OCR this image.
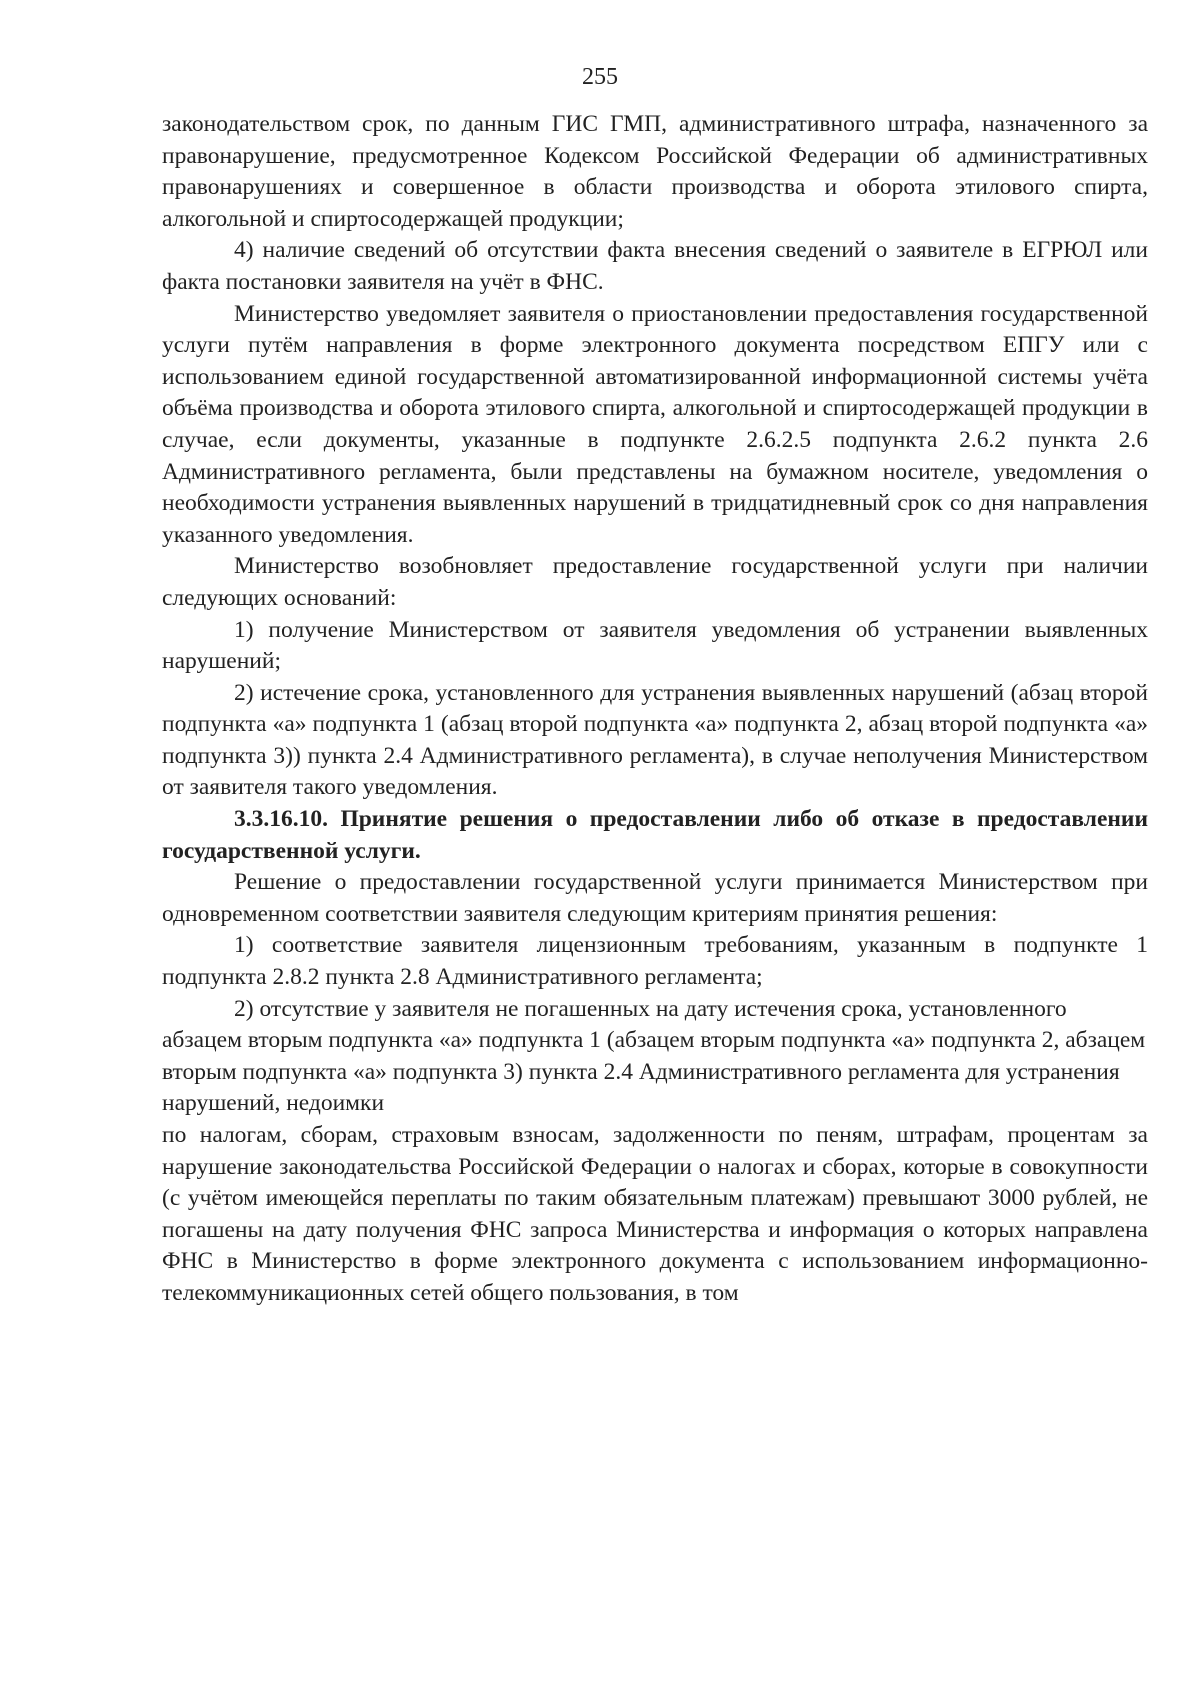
255

законодательством срок, по данным ГИС ГМП, административного штрафа, назначенного за правонарушение, предусмотренное Кодексом Российской Федерации об административных правонарушениях и совершенное в области производства и оборота этилового спирта, алкогольной и спиртосодержащей продукции;

4) наличие сведений об отсутствии факта внесения сведений о заявителе в ЕГРЮЛ или факта постановки заявителя на учёт в ФНС.

Министерство уведомляет заявителя о приостановлении предоставления государственной услуги путём направления в форме электронного документа посредством ЕПГУ или с использованием единой государственной автоматизированной информационной системы учёта объёма производства и оборота этилового спирта, алкогольной и спиртосодержащей продукции в случае, если документы, указанные в подпункте 2.6.2.5 подпункта 2.6.2 пункта 2.6 Административного регламента, были представлены на бумажном носителе, уведомления о необходимости устранения выявленных нарушений в тридцатидневный срок со дня направления указанного уведомления.

Министерство возобновляет предоставление государственной услуги при наличии следующих оснований:

1) получение Министерством от заявителя уведомления об устранении выявленных нарушений;

2) истечение срока, установленного для устранения выявленных нарушений (абзац второй подпункта «а» подпункта 1 (абзац второй подпункта «а» подпункта 2, абзац второй подпункта «а» подпункта 3)) пункта 2.4 Административного регламента), в случае неполучения Министерством от заявителя такого уведомления.

3.3.16.10. Принятие решения о предоставлении либо об отказе в предоставлении государственной услуги.

Решение о предоставлении государственной услуги принимается Министерством при одновременном соответствии заявителя следующим критериям принятия решения:

1) соответствие заявителя лицензионным требованиям, указанным в подпункте 1 подпункта 2.8.2 пункта 2.8 Административного регламента;

2) отсутствие у заявителя не погашенных на дату истечения срока, установленного абзацем вторым подпункта «а» подпункта 1 (абзацем вторым подпункта «а» подпункта 2, абзацем вторым подпункта «а» подпункта 3) пункта 2.4 Административного регламента для устранения нарушений, недоимки

по налогам, сборам, страховым взносам, задолженности по пеням, штрафам, процентам за нарушение законодательства Российской Федерации о налогах и сборах, которые в совокупности (с учётом имеющейся переплаты по таким обязательным платежам) превышают 3000 рублей, не погашены на дату получения ФНС запроса Министерства и информация о которых направлена ФНС в Министерство в форме электронного документа с использованием информационно-телекоммуникационных сетей общего пользования, в том
